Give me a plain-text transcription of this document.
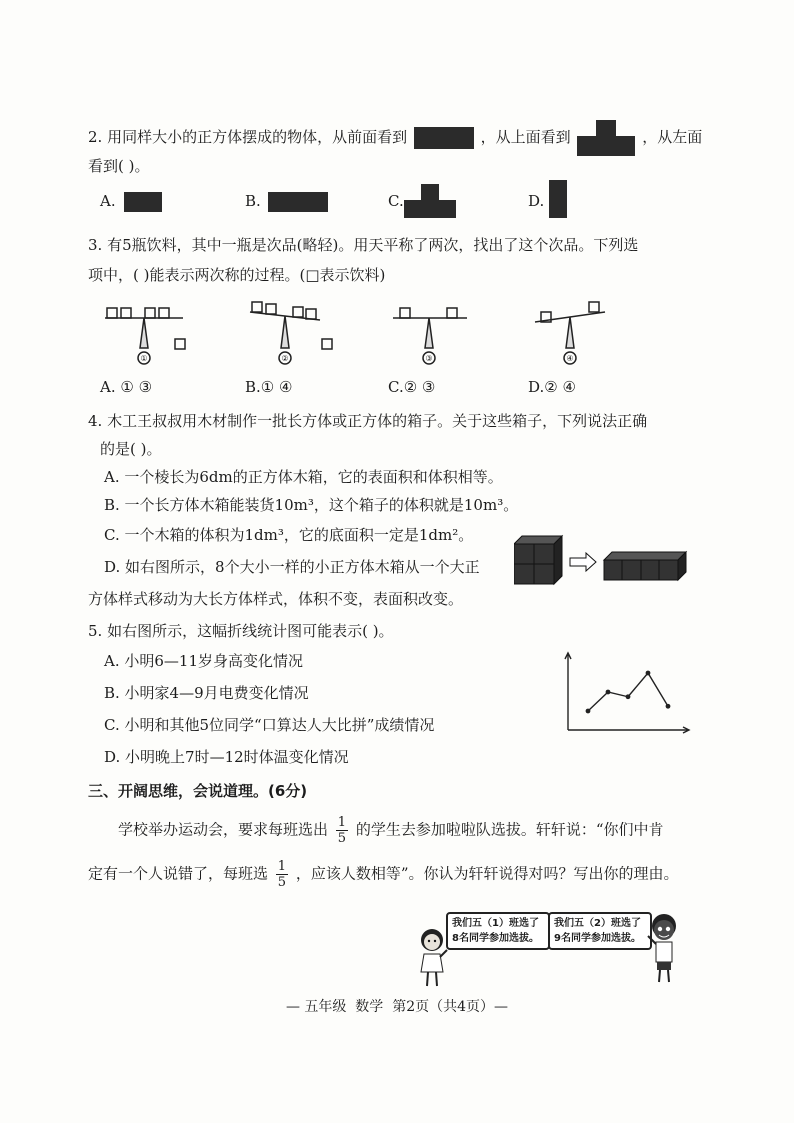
2. 用同样大小的正方体摆成的物体，从前面看到	，从上面看到	，从左面
看到( )。
A.	B.	C.	D.
3. 有5瓶饮料，其中一瓶是次品(略轻)。用天平称了两次，找出了这个次品。下列选
项中，( )能表示两次称的过程。(□表示饮料)
①	②	③	④
A. ① ③	B.① ④	C.② ③	D.② ④
4. 木工王叔叔用木材制作一批长方体或正方体的箱子。关于这些箱子，下列说法正确
的是( )。
A. 一个棱长为6dm的正方体木箱，它的表面积和体积相等。
B. 一个长方体木箱能装货10m³，这个箱子的体积就是10m³。
C. 一个木箱的体积为1dm³，它的底面积一定是1dm²。
D. 如右图所示，8个大小一样的小正方体木箱从一个大正
方体样式移动为大长方体样式，体积不变，表面积改变。
5. 如右图所示，这幅折线统计图可能表示( )。
A. 小明6—11岁身高变化情况
B. 小明家4—9月电费变化情况
C. 小明和其他5位同学“口算达人大比拼”成绩情况
D. 小明晚上7时—12时体温变化情况
三、开阔思维，会说道理。(6分)
学校举办运动会，要求每班选出 $\frac{1}{5}$ 的学生去参加啦啦队选拔。轩轩说：“你们中肯
定有一个人说错了，每班选 $\frac{1}{5}$ ，应该人数相等”。你认为轩轩说得对吗？写出你的理由。
我们五（1）班选了
8名同学参加选拔。
我们五（2）班选了
9名同学参加选拔。
— 五年级  数学  第2页（共4页）—
